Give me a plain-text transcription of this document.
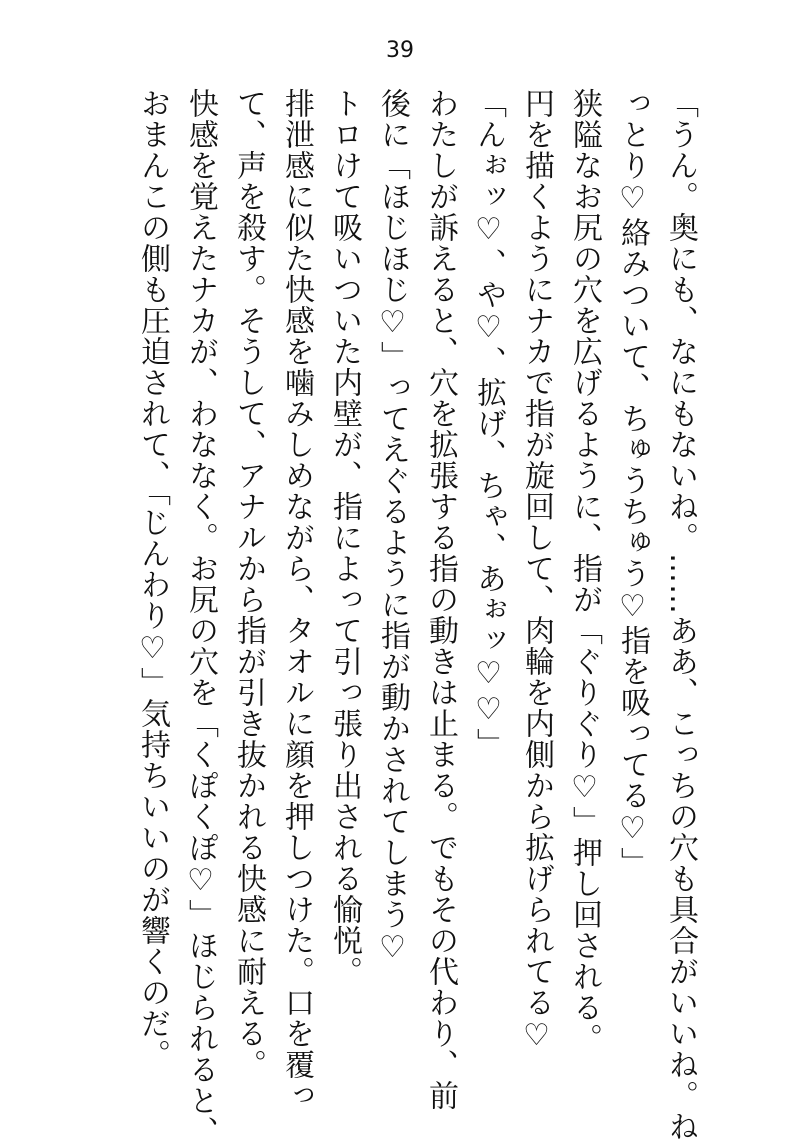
39
「うん。奥にも、なにもないね。……ああ、こっちの穴も具合がいいね。ね
っとり♡絡みついて、ちゅうちゅう♡指を吸ってる♡」
狭隘なお尻の穴を広げるように、指が「ぐりぐり♡」押し回される。
円を描くようにナカで指が旋回して、肉輪を内側から拡げられてる♡
「んぉッ♡、や♡、拡げ、ちゃ、あぉッ♡♡」
わたしが訴えると、穴を拡張する指の動きは止まる。でもその代わり、前
後に「ほじほじ♡」ってえぐるように指が動かされてしまう♡
トロけて吸いついた内壁が、指によって引っ張り出される愉悦。
排泄感に似た快感を噛みしめながら、タオルに顔を押しつけた。口を覆っ
て、声を殺す。そうして、アナルから指が引き抜かれる快感に耐える。
快感を覚えたナカが、わななく。お尻の穴を「くぽくぽ♡」ほじられると、
おまんこの側も圧迫されて、「じんわり♡」気持ちいいのが響くのだ。
